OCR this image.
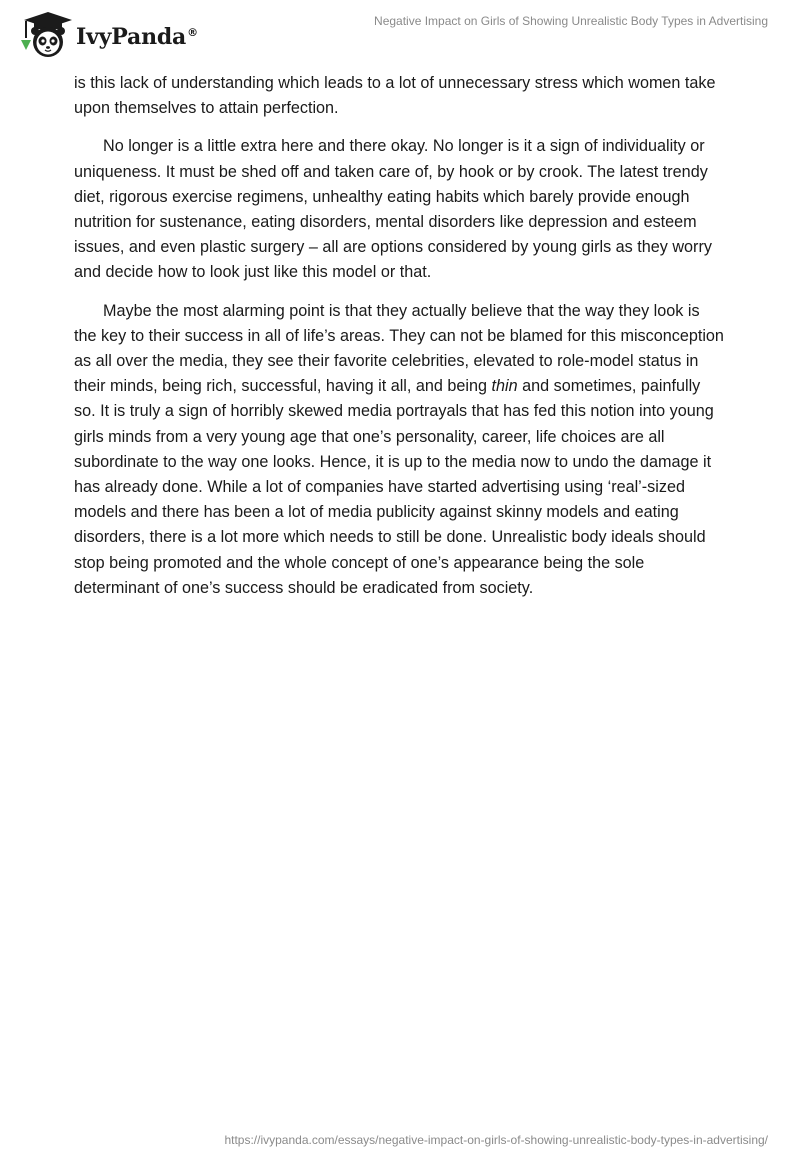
IvyPanda®
Negative Impact on Girls of Showing Unrealistic Body Types in Advertising

is this lack of understanding which leads to a lot of unnecessary stress which women take upon themselves to attain perfection.

No longer is a little extra here and there okay. No longer is it a sign of individuality or uniqueness. It must be shed off and taken care of, by hook or by crook. The latest trendy diet, rigorous exercise regimens, unhealthy eating habits which barely provide enough nutrition for sustenance, eating disorders, mental disorders like depression and esteem issues, and even plastic surgery – all are options considered by young girls as they worry and decide how to look just like this model or that.

Maybe the most alarming point is that they actually believe that the way they look is the key to their success in all of life’s areas. They can not be blamed for this misconception as all over the media, they see their favorite celebrities, elevated to role-model status in their minds, being rich, successful, having it all, and being thin and sometimes, painfully so. It is truly a sign of horribly skewed media portrayals that has fed this notion into young girls minds from a very young age that one’s personality, career, life choices are all subordinate to the way one looks. Hence, it is up to the media now to undo the damage it has already done. While a lot of companies have started advertising using ‘real’-sized models and there has been a lot of media publicity against skinny models and eating disorders, there is a lot more which needs to still be done. Unrealistic body ideals should stop being promoted and the whole concept of one’s appearance being the sole determinant of one’s success should be eradicated from society.

https://ivypanda.com/essays/negative-impact-on-girls-of-showing-unrealistic-body-types-in-advertising/
